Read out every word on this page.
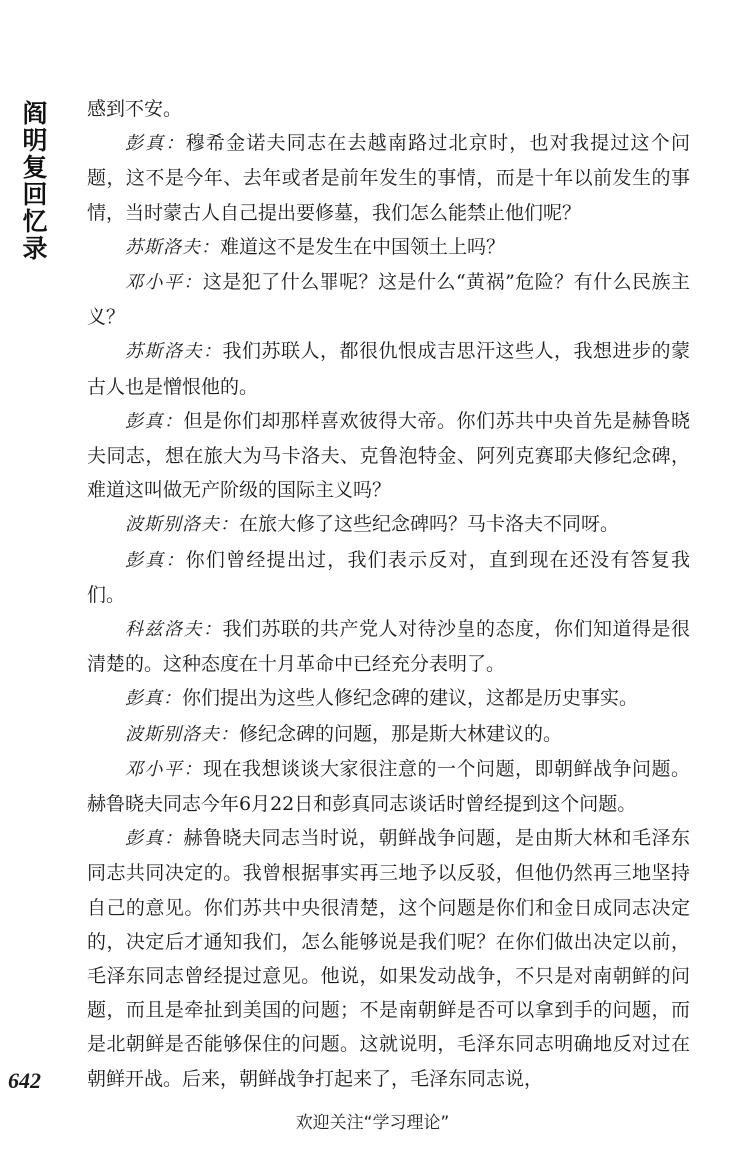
阎明复回忆录 感到不安。

彭真：穆希金诺夫同志在去越南路过北京时，也对我提过这个问题，这不是今年、去年或者是前年发生的事情，而是十年以前发生的事情，当时蒙古人自己提出要修墓，我们怎么能禁止他们呢？

苏斯洛夫：难道这不是发生在中国领土上吗？

邓小平：这是犯了什么罪呢？这是什么“黄祸”危险？有什么民族主义？

苏斯洛夫：我们苏联人，都很仇恨成吉思汗这些人，我想进步的蒙古人也是憎恨他的。

彭真：但是你们却那样喜欢彼得大帝。你们苏共中央首先是赫鲁晓夫同志，想在旅大为马卡洛夫、克鲁泡特金、阿列克赛耶夫修纪念碑，难道这叫做无产阶级的国际主义吗？

波斯别洛夫：在旅大修了这些纪念碑吗？马卡洛夫不同呀。

彭真：你们曾经提出过，我们表示反对，直到现在还没有答复我们。

科兹洛夫：我们苏联的共产党人对待沙皇的态度，你们知道得是很清楚的。这种态度在十月革命中已经充分表明了。

彭真：你们提出为这些人修纪念碑的建议，这都是历史事实。

波斯别洛夫：修纪念碑的问题，那是斯大林建议的。

邓小平：现在我想谈谈大家很注意的一个问题，即朝鲜战争问题。赫鲁晓夫同志今年6月22日和彭真同志谈话时曾经提到这个问题。

彭真：赫鲁晓夫同志当时说，朝鲜战争问题，是由斯大林和毛泽东同志共同决定的。我曾根据事实再三地予以反驳，但他仍然再三地坚持自己的意见。你们苏共中央很清楚，这个问题是你们和金日成同志决定的，决定后才通知我们，怎么能够说是我们呢？在你们做出决定以前，毛泽东同志曾经提过意见。他说，如果发动战争，不只是对南朝鲜的问题，而且是牵扯到美国的问题；不是南朝鲜是否可以拿到手的问题，而是北朝鲜是否能够保住的问题。这就说明，毛泽东同志明确地反对过在朝鲜开战。后来，朝鲜战争打起来了，毛泽东同志说，

642
欢迎关注“学习理论”
